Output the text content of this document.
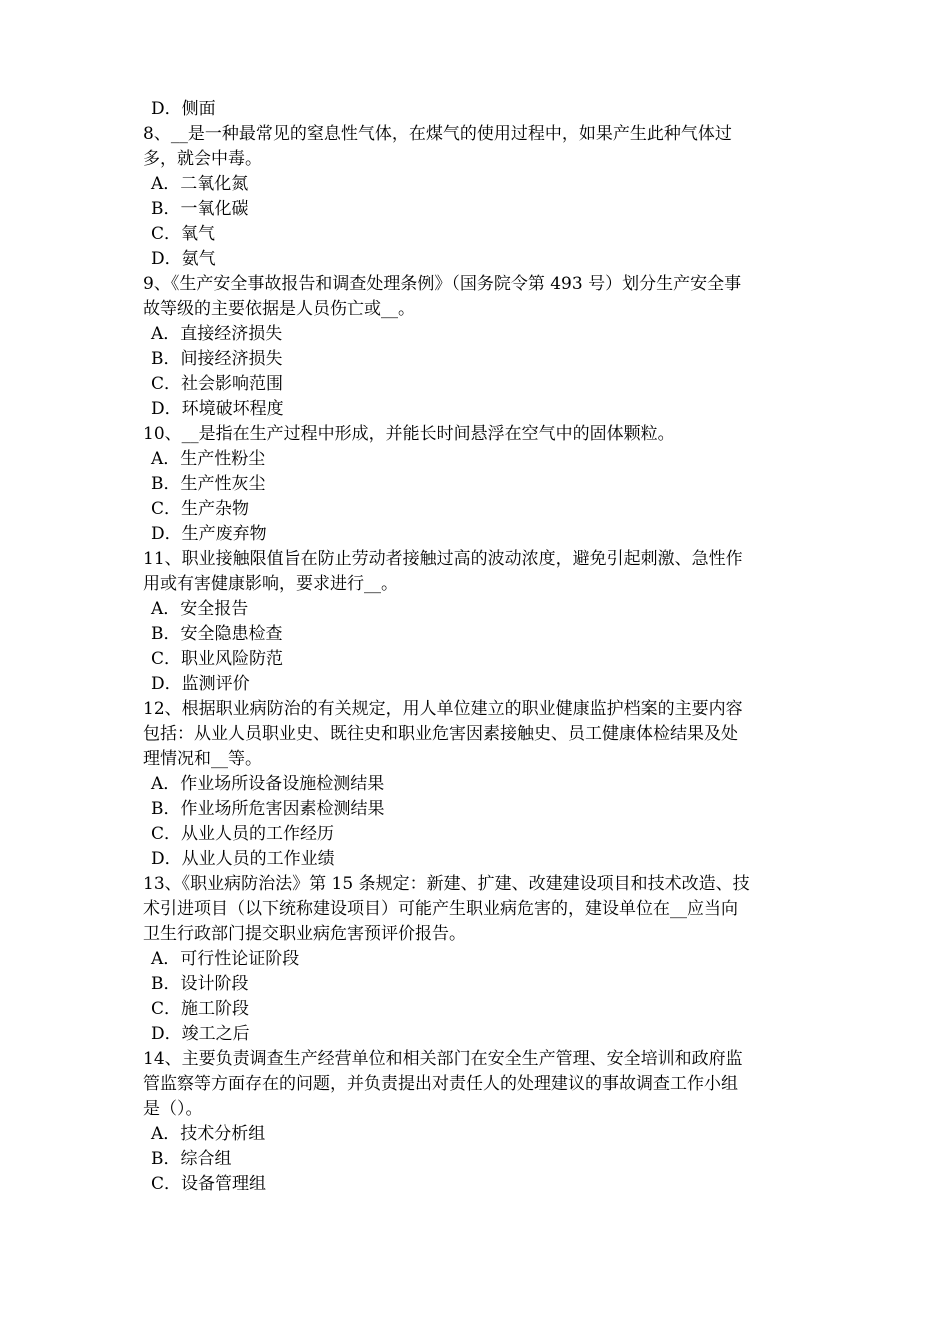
D．侧面
8、__是一种最常见的窒息性气体，在煤气的使用过程中，如果产生此种气体过
多，就会中毒。
A．二氧化氮
B．一氧化碳
C．氧气
D．氨气
9、《生产安全事故报告和调查处理条例》（国务院令第 493 号）划分生产安全事
故等级的主要依据是人员伤亡或__。
A．直接经济损失
B．间接经济损失
C．社会影响范围
D．环境破坏程度
10、__是指在生产过程中形成，并能长时间悬浮在空气中的固体颗粒。
A．生产性粉尘
B．生产性灰尘
C．生产杂物
D．生产废弃物
11、职业接触限值旨在防止劳动者接触过高的波动浓度，避免引起刺激、急性作
用或有害健康影响，要求进行__。
A．安全报告
B．安全隐患检查
C．职业风险防范
D．监测评价
12、根据职业病防治的有关规定，用人单位建立的职业健康监护档案的主要内容
包括：从业人员职业史、既往史和职业危害因素接触史、员工健康体检结果及处
理情况和__等。
A．作业场所设备设施检测结果
B．作业场所危害因素检测结果
C．从业人员的工作经历
D．从业人员的工作业绩
13、《职业病防治法》第 15 条规定：新建、扩建、改建建设项目和技术改造、技
术引进项目（以下统称建设项目）可能产生职业病危害的，建设单位在__应当向
卫生行政部门提交职业病危害预评价报告。
A．可行性论证阶段
B．设计阶段
C．施工阶段
D．竣工之后
14、主要负责调查生产经营单位和相关部门在安全生产管理、安全培训和政府监
管监察等方面存在的问题，并负责提出对责任人的处理建议的事故调查工作小组
是（）。
A．技术分析组
B．综合组
C．设备管理组
